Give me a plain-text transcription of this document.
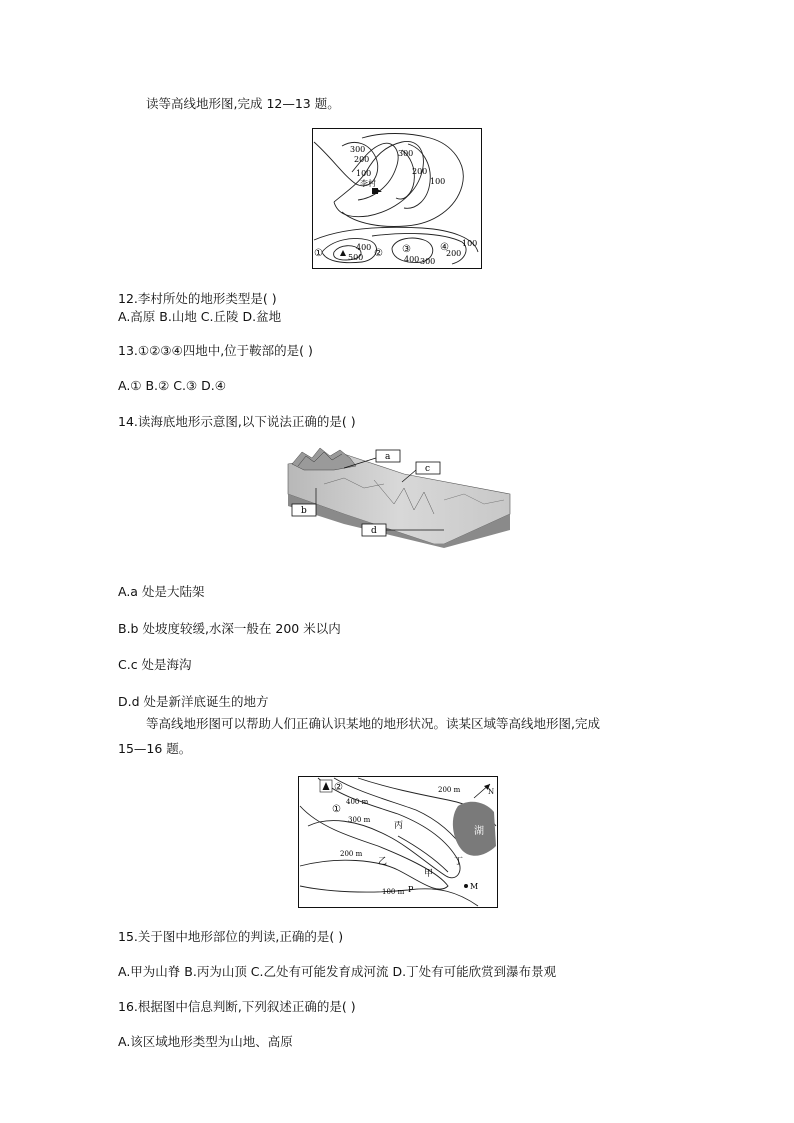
读等高线地形图,完成 12—13 题。
300
200
100
300
200
100
李村
①	② ③	④
400
500	400 300
200
100
12.李村所处的地形类型是( )
A.高原 B.山地 C.丘陵 D.盆地
13.①②③④四地中,位于鞍部的是( )
A.① B.② C.③ D.④
14.读海底地形示意图,以下说法正确的是( )
a
c
b
d
A.a 处是大陆架
B.b 处坡度较缓,水深一般在 200 米以内
C.c 处是海沟
D.d 处是新洋底诞生的地方
等高线地形图可以帮助人们正确认识某地的地形状况。读某区域等高线地形图,完成
15—16 题。
湖
②
①
400 m
300 m
200 m
200 m
100 m
丙
乙
甲
丁
M
P
N
15.关于图中地形部位的判读,正确的是( )
A.甲为山脊 B.丙为山顶 C.乙处有可能发育成河流 D.丁处有可能欣赏到瀑布景观
16.根据图中信息判断,下列叙述正确的是( )
A.该区域地形类型为山地、高原
